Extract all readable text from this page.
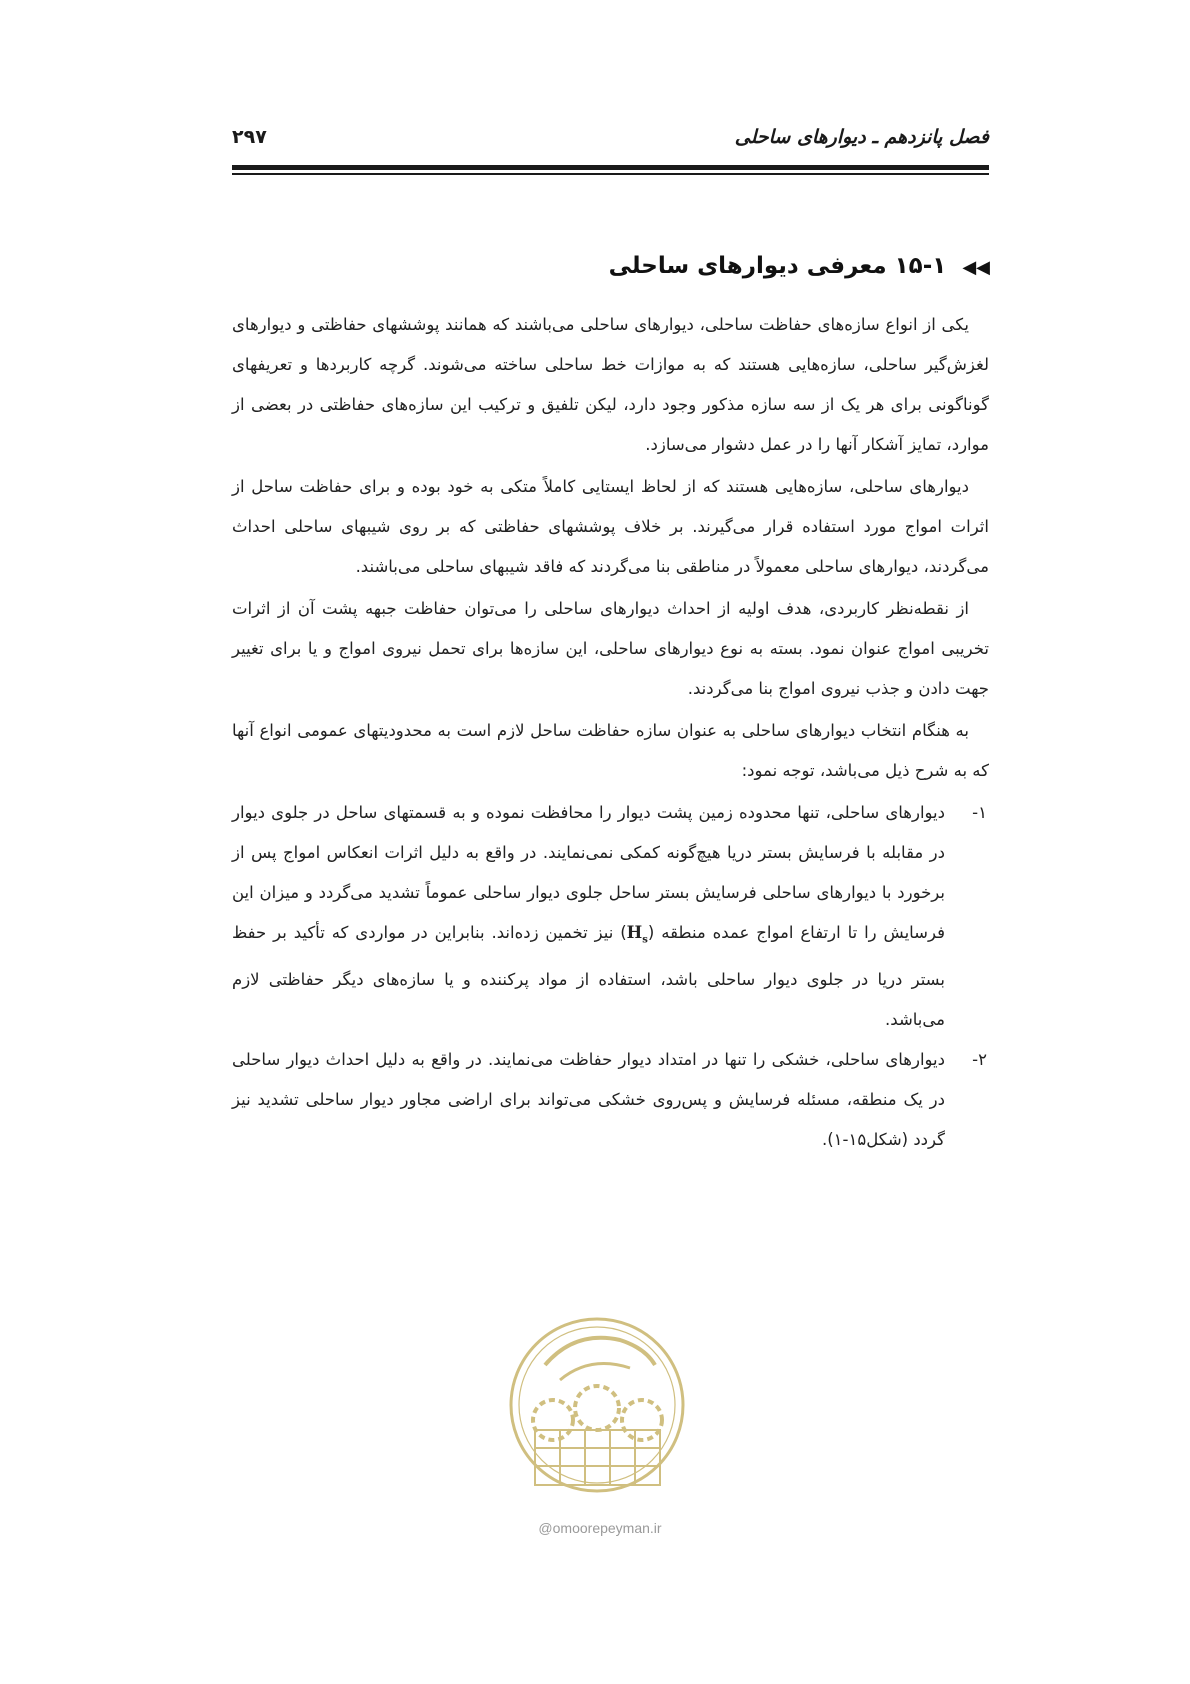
فصل پانزدهم ـ دیوارهای ساحلی
۲۹۷
◀◀ ۱۵-۱ معرفی دیوارهای ساحلی

یکی از انواع سازه‌های حفاظت ساحلی، دیوارهای ساحلی می‌باشند که همانند پوششهای حفاظتی و دیوارهای لغزش‌گیر ساحلی، سازه‌هایی هستند که به موازات خط ساحلی ساخته می‌شوند. گرچه کاربردها و تعریفهای گوناگونی برای هر یک از سه سازه مذکور وجود دارد، لیکن تلفیق و ترکیب این سازه‌های حفاظتی در بعضی از موارد، تمایز آشکار آنها را در عمل دشوار می‌سازد.

دیوارهای ساحلی، سازه‌هایی هستند که از لحاظ ایستایی کاملاً متکی به خود بوده و برای حفاظت ساحل از اثرات امواج مورد استفاده قرار می‌گیرند. بر خلاف پوششهای حفاظتی که بر روی شیبهای ساحلی احداث می‌گردند، دیوارهای ساحلی معمولاً در مناطقی بنا می‌گردند که فاقد شیبهای ساحلی می‌باشند.

از نقطه‌نظر کاربردی، هدف اولیه از احداث دیوارهای ساحلی را می‌توان حفاظت جبهه پشت آن از اثرات تخریبی امواج عنوان نمود. بسته به نوع دیوارهای ساحلی، این سازه‌ها برای تحمل نیروی امواج و یا برای تغییر جهت دادن و جذب نیروی امواج بنا می‌گردند.

به هنگام انتخاب دیوارهای ساحلی به عنوان سازه حفاظت ساحل لازم است به محدودیتهای عمومی انواع آنها که به شرح ذیل می‌باشد، توجه نمود:

۱-
دیوارهای ساحلی، تنها محدوده زمین پشت دیوار را محافظت نموده و به قسمتهای ساحل در جلوی دیوار در مقابله با فرسایش بستر دریا هیچ‌گونه کمکی نمی‌نمایند. در واقع به دلیل اثرات انعکاس امواج پس از برخورد با دیوارهای ساحلی فرسایش بستر ساحل جلوی دیوار ساحلی عموماً تشدید می‌گردد و میزان این فرسایش را تا ارتفاع امواج عمده منطقه $(H_s)$ نیز تخمین زده‌اند. بنابراین در مواردی که تأکید بر حفظ بستر دریا در جلوی دیوار ساحلی باشد، استفاده از مواد پرکننده و یا سازه‌های دیگر حفاظتی لازم می‌باشد.
۲-
دیوارهای ساحلی، خشکی را تنها در امتداد دیوار حفاظت می‌نمایند. در واقع به دلیل احداث دیوار ساحلی در یک منطقه، مسئله فرسایش و پس‌روی خشکی می‌تواند برای اراضی مجاور دیوار ساحلی تشدید نیز گردد (شکل۱۵-۱).
@omoorepeyman.ir
